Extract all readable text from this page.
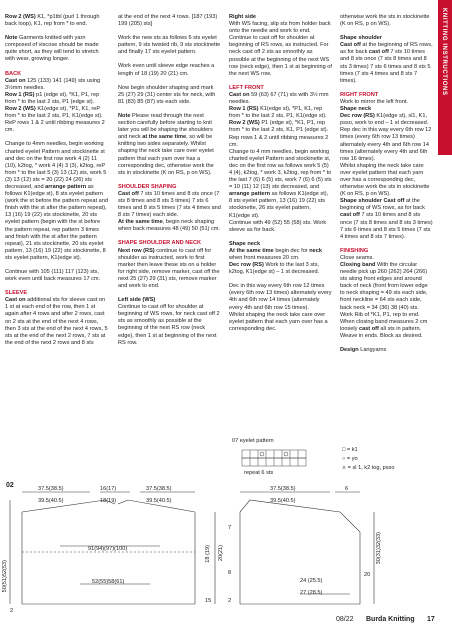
KNITTING INSTRUCTIONS

Row 2 (WS) K1, *p1tbl (purl 1 through back loop), K1, rep from * to end.

Note Garments knitted with yarn composed of viscose should be made quite short, as they will tend to stretch with wear, growing longer.

BACK
Cast on 125 (133) 141 (149) sts using 3½mm needles.
Row 1 (RS) p1 (edge st), *K1, P1, rep from * to the last 2 sts, P1 (edge st).
Row 2 (WS) K1(edge st), *P1, K1, reP from * to the last 2 sts, P1, K1(edge st).
ReP rows 1 & 2 until ribbing measures 2 cm.

Change to 4mm needles, begin working charted eyelet Pattern and stockinette st and dec on the first row work 4 (2) 11 (10), k2tog, * work 4 (4) 3 (3), k2tog, reP from * to the last 5 (3) 13 (12) sts, work 5 (3) 13 (12) sts = 20 (22) 24 (26) sts decreased, and arrange pattern as follows K1(edge st), 8 sts eyelet pattern (work the st before the pattern repeat and finish with the st after the pattern repeat), 13 (16) 19 (22) sts stockinette, 20 sts eyelet pattern (begin with the st before the pattern repeat, rep pattern 3 times and finish with the st after the pattern repeat), 21 sts stockinette, 20 sts eyelet pattern, 13 (16) 19 (22) sts stockinette, 8 sts eyelet pattern, K1(edge st).

Continue with 105 (111) 117 (123) sts, work even until back measures 17 cm.

SLEEVE
Cast on additional sts for sleeve cast on 1 st at each end of the row, then 1 st again after 4 rows and after 2 rows, cast on 2 sts at the end of the next 4 rows, then 3 sts at the end of the next 4 rows, 5 sts at the end of the next 2 rows, 7 sts at the end of the next 2 rows and 8 sts

at the end of the next 4 rows. [187 (193) 199 (205) sts]

Work the new sts as follows 6 sts eyelet pattern, 9 sts twisted rib, 9 sts stockinette and finally 17 sts eyelet pattern.

Work even until sleeve edge reaches a length of 18 (19) 20 (21) cm.

Now begin shoulder shaping and mark 25 (27) 29 (31) center sts for neck, with 81 (83) 85 (87) sts each side.

Note Please read through the next section carefully before starting to knit later you will be shaping the shoulders and neck at the same time, so will be knitting two sides separately. Whilst shaping the neck take care over eyelet pattern that each yarn over has a corresponding dec, otherwise work the sts in stockinette (K on RS, p on WS).

SHOULDER SHAPING
Cast off 7 sts 10 times and 8 sts once (7 sts 8 times and 8 sts 3 times) 7 sts 6 times and 8 sts 5 times (7 sts 4 times and 8 sts 7 times) each side.
At the same time, begin neck shaping when back measures 48 (49) 50 (51) cm.

SHAPE SHOULDER AND NECK
Next row (RS) continue to cast off for shoulder as instructed, work to first marker then leave these sts on a holder for right side, remove marker, cast off the next 25 (27) 29 (31) sts, remove marker and work to end.

Left side (WS)
Continue to cast off for shoulder at beginning of WS rows, for neck cast off 2 sts as smoothly as possible at the beginning of the next RS row (neck edge), then 1 st at beginning of the next RS row.

Right side
With WS facing, slip sts from holder back onto the needle and work to end. Continue to cast off for shoulder at beginning of RS rows, as instructed. For neck cast off 2 sts as smoothly as possible at the beginning of the next WS row (neck edge), then 1 st at beginning of the next WS row.

LEFT FRONT
Cast on 59 (63) 67 (71) sts with 3½ mm needles.
Row 1 (RS) K1(edge st), *P1, K1, rep from * to the last 2 sts, P1, K1(edge st).
Row 2 (WS) P1 (edge st), *K1, P1, rep from * to the last 2 sts, K1, P1 (edge st).
Rep rows 1 & 2 until ribbing measures 2 cm.
Change to 4 mm needles, begin working charted eyelet Pattern and stockinette st, dec on the first row as follows work 5 (5) 4 (4), k2tog, * work 3, k2tog, rep from * to the last 7 (6) 6 (5) sts, work 7 (6) 6 (5) sts = 10 (11) 12 (13) sts decreased, and arrange pattern as follows K1(edge st), 8 sts eyelet pattern, 13 (16) 19 (22) sts stockinette, 26 sts eyelet pattern, K1(edge st).
Continue with 49 (52) 55 (58) sts. Work sleeve as for back.

Shape neck
At the same time begin dec for neck when front measures 20 cm.
Dec row (RS) Work to the last 3 sts, k2tog, K1(edge st) – 1 st decreased.

Dec in this way every 6th row 12 times (every 6th row 13 times) alternately every 4th and 6th row 14 times (alternately every 4th and 6th row 15 times).
Whilst shaping the neck take care over eyelet pattern that each yarn over has a corresponding dec.

otherwise work the sts in stockinette (K on RS, p on WS).

Shape shoulder
Cast off at the beginning of RS rows, as for back cast off 7 sts 10 times and 8 sts once (7 sts 8 times and 8 sts 3 times) 7 sts 6 times and 8 sts 5 times (7 sts 4 times and 8 sts 7 times).

RIGHT FRONT
Work to mirror the left front.
Shape neck
Dec row (RS) K1(edge st), sl1, K1, psso, work to end – 1 st decreased. Rep dec in this way every 6th row 12 times (every 6th row 13 times) alternately every 4th and 6th row 14 times (alternately every 4th and 6th row 16 times).
Whilst shaping the neck take care over eyelet pattern that each yarn over has a corresponding dec, otherwise work the sts in stockinette (K on RS, p on WS).
Shape shoulder Cast off at the beginning of WS rows, as for back cast off 7 sts 10 times and 8 sts once (7 sts 8 times and 8 sts 3 times) 7 sts 6 times and 8 sts 5 times (7 sts 4 times and 8 sts 7 times).

FINISHING
Close seams.
Closing band With the circular needle pick up 260 (262) 264 (266) sts along front edges and around back of neck (front from lower edge to neck shaping = 49 sts each side, front neckline = 64 sts each side, back neck = 34 (36) 38 (40) sts. Work Rib of *K1, P1, rep to end. When closing band measures 2 cm loosely cast off all sts in pattern. Weave in ends. Block as desired.

Design Langyarns

07 eyelet pattern
repeat 6 sts
□ = k1
○ = yo
⋏ = sl 1, k2 tog, psso
02	37.5(38.5)
39.5(40.5)
16(17)
18(19)
37.5(38.5)
39.5(40.5)
37.5(38.5)
39.5(40.5)
6
91(94)(97)(100)
52(55)58(61)
50(51)52(53)
30(31)32(33)
18 (19) 20(21)
7
8
15	2
2
24 (25.5)
27 (28.5)
20
08/22 Burda Knitting 17
